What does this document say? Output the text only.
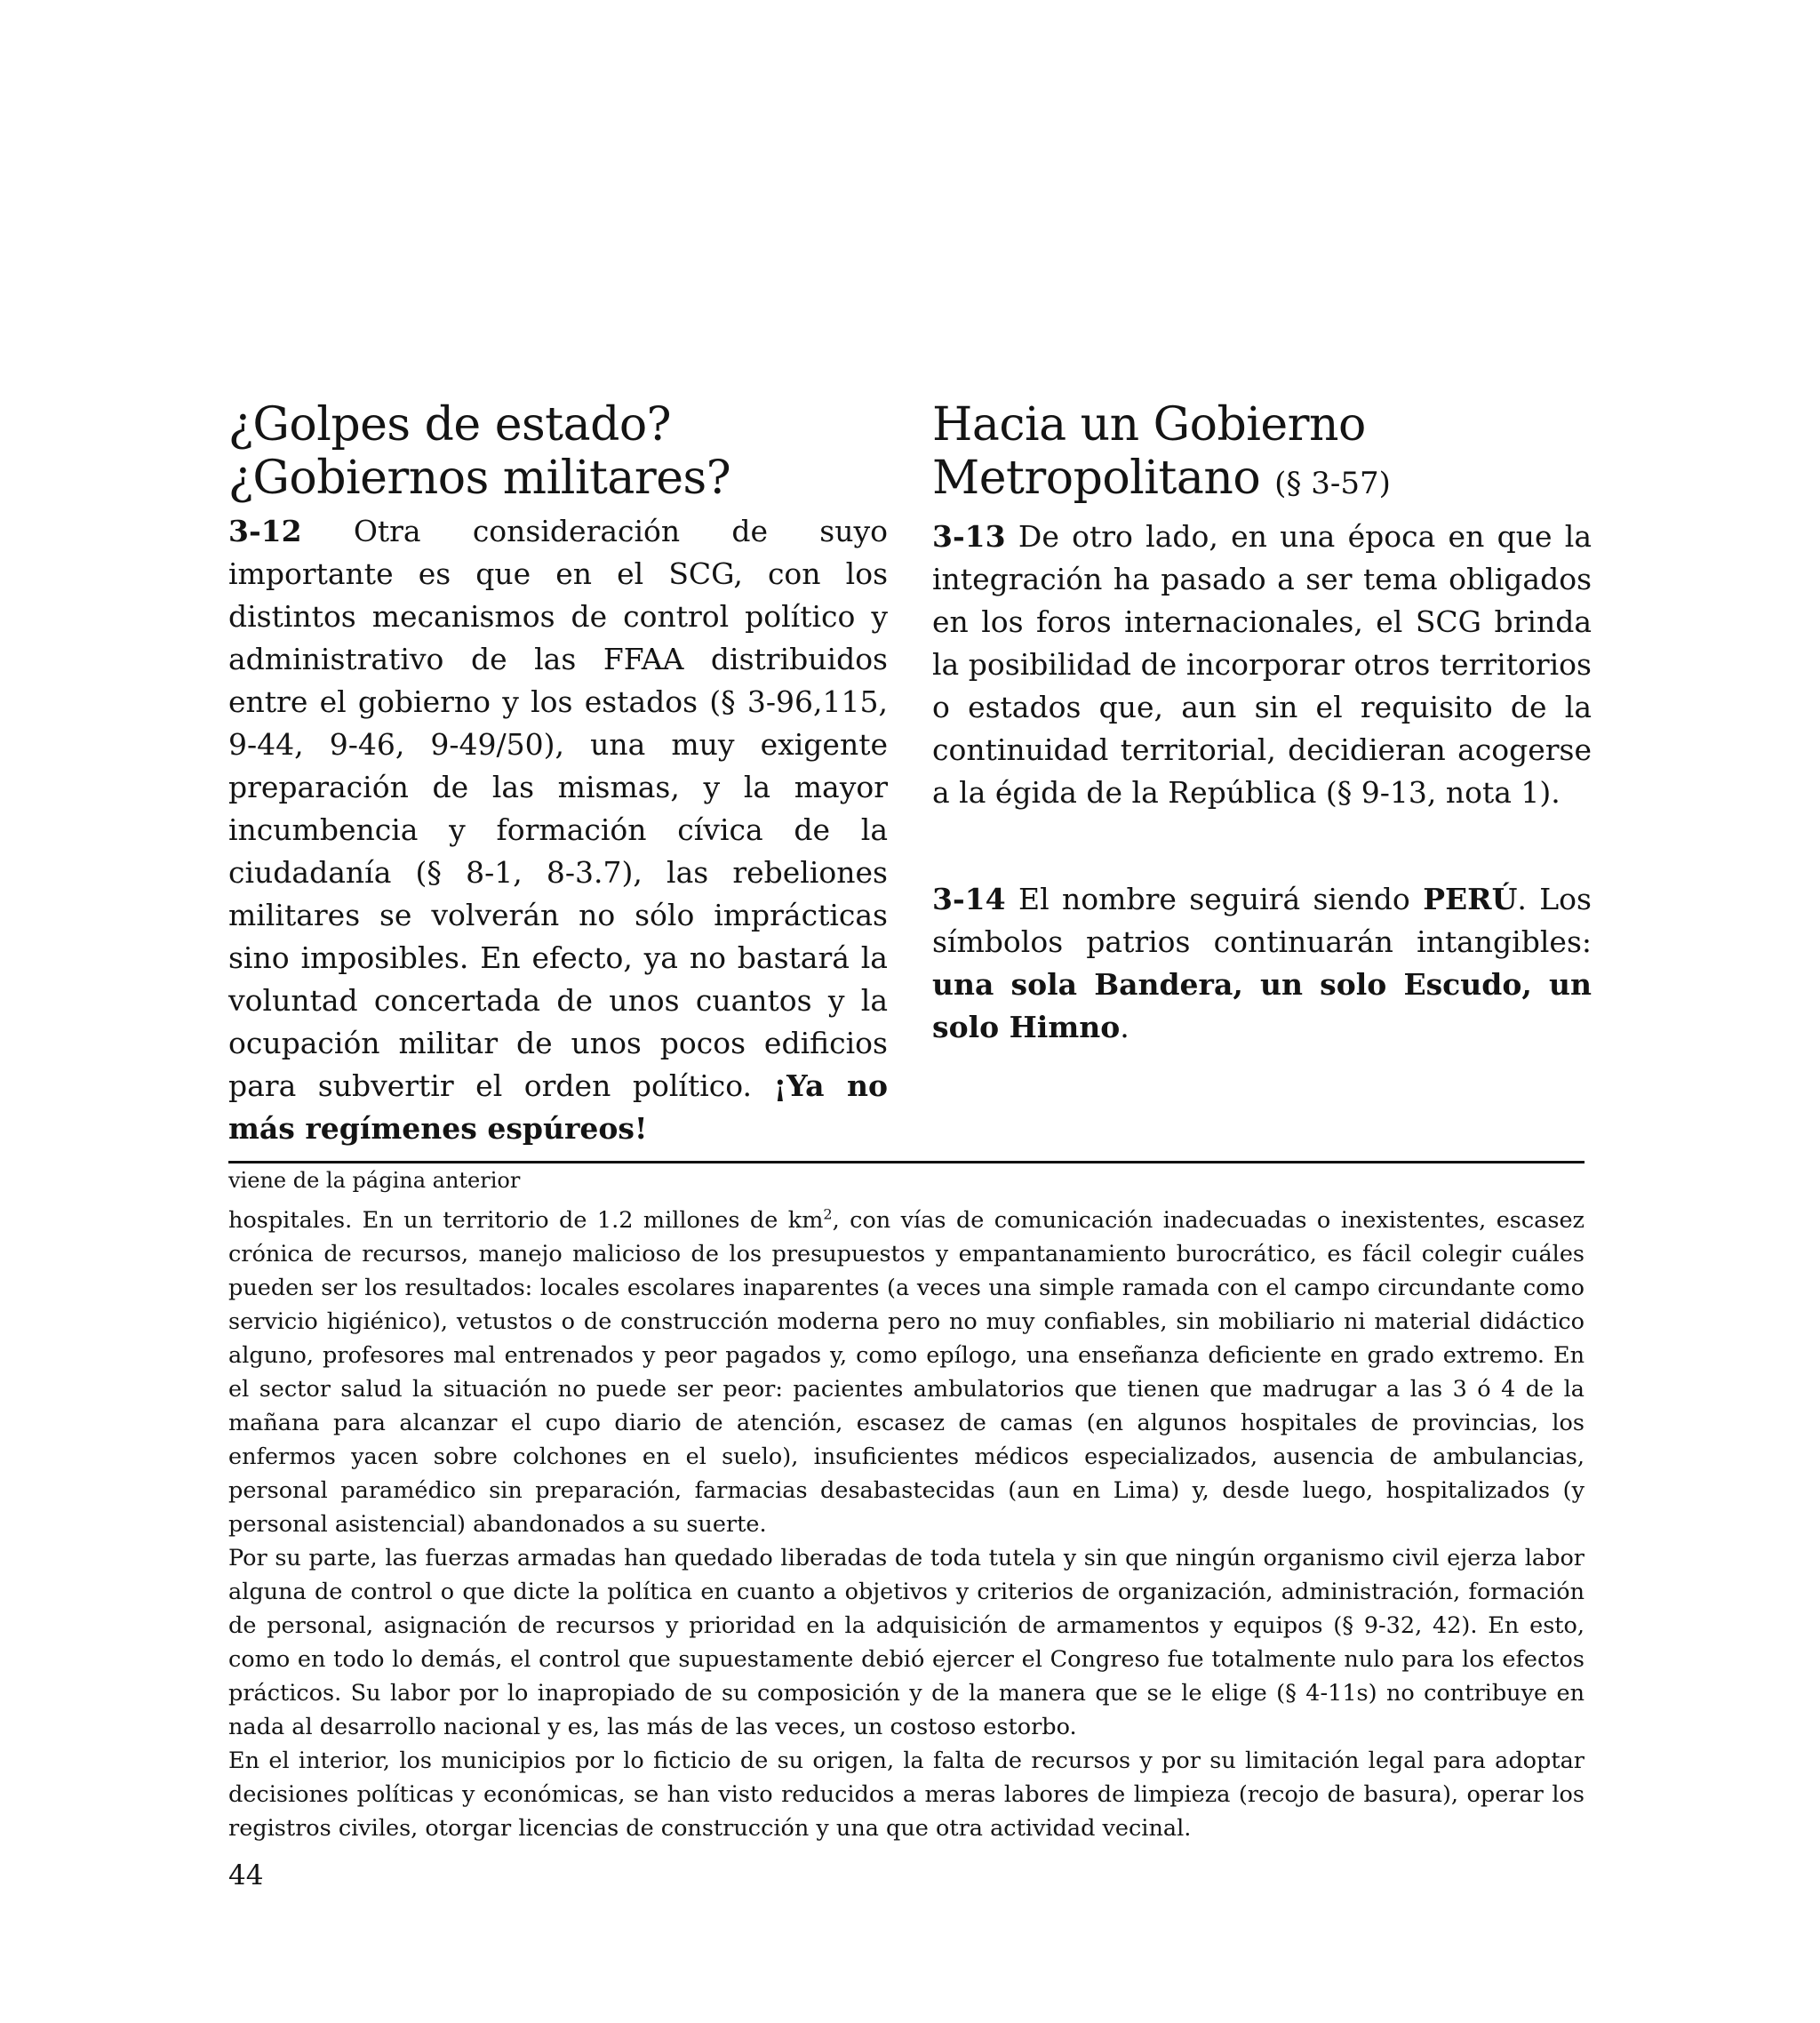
¿Golpes de estado?
¿Gobiernos militares?

3-12 Otra consideración de suyo importante es que en el SCG, con los distintos mecanismos de control político y administrativo de las FFAA distribuidos entre el gobierno y los estados (§ 3-96,115, 9-44, 9-46, 9-49/50), una muy exigente preparación de las mismas, y la mayor incumbencia y formación cívica de la ciudadanía (§ 8-1, 8-3.7), las rebeliones militares se volverán no sólo imprácticas sino imposibles. En efecto, ya no bastará la voluntad concertada de unos cuantos y la ocupación militar de unos pocos edificios para subvertir el orden político. ¡Ya no más regímenes espúreos!

Hacia un Gobierno
Metropolitano (§ 3-57)

3-13 De otro lado, en una época en que la integración ha pasado a ser tema obligados en los foros internacionales, el SCG brinda la posibilidad de incorporar otros territorios o estados que, aun sin el requisito de la continuidad territorial, decidieran acogerse a la égida de la República (§ 9-13, nota 1).

3-14 El nombre seguirá siendo PERÚ. Los símbolos patrios continuarán intangibles: una sola Bandera, un solo Escudo, un solo Himno.

viene de la página anterior

hospitales. En un territorio de 1.2 millones de $km^2$, con vías de comunicación inadecuadas o inexistentes, escasez crónica de recursos, manejo malicioso de los presupuestos y empantanamiento burocrático, es fácil colegir cuáles pueden ser los resultados: locales escolares inaparentes (a veces una simple ramada con el campo circundante como servicio higiénico), vetustos o de construcción moderna pero no muy confiables, sin mobiliario ni material didáctico alguno, profesores mal entrenados y peor pagados y, como epílogo, una enseñanza deficiente en grado extremo. En el sector salud la situación no puede ser peor: pacientes ambulatorios que tienen que madrugar a las 3 ó 4 de la mañana para alcanzar el cupo diario de atención, escasez de camas (en algunos hospitales de provincias, los enfermos yacen sobre colchones en el suelo), insuficientes médicos especializados, ausencia de ambulancias, personal paramédico sin preparación, farmacias desabastecidas (aun en Lima) y, desde luego, hospitalizados (y personal asistencial) abandonados a su suerte.

Por su parte, las fuerzas armadas han quedado liberadas de toda tutela y sin que ningún organismo civil ejerza labor alguna de control o que dicte la política en cuanto a objetivos y criterios de organización, administración, formación de personal, asignación de recursos y prioridad en la adquisición de armamentos y equipos (§ 9-32, 42). En esto, como en todo lo demás, el control que supuestamente debió ejercer el Congreso fue totalmente nulo para los efectos prácticos. Su labor por lo inapropiado de su composición y de la manera que se le elige (§ 4-11s) no contribuye en nada al desarrollo nacional y es, las más de las veces, un costoso estorbo.

En el interior, los municipios por lo ficticio de su origen, la falta de recursos y por su limitación legal para adoptar decisiones políticas y económicas, se han visto reducidos a meras labores de limpieza (recojo de basura), operar los registros civiles, otorgar licencias de construcción y una que otra actividad vecinal.

44
